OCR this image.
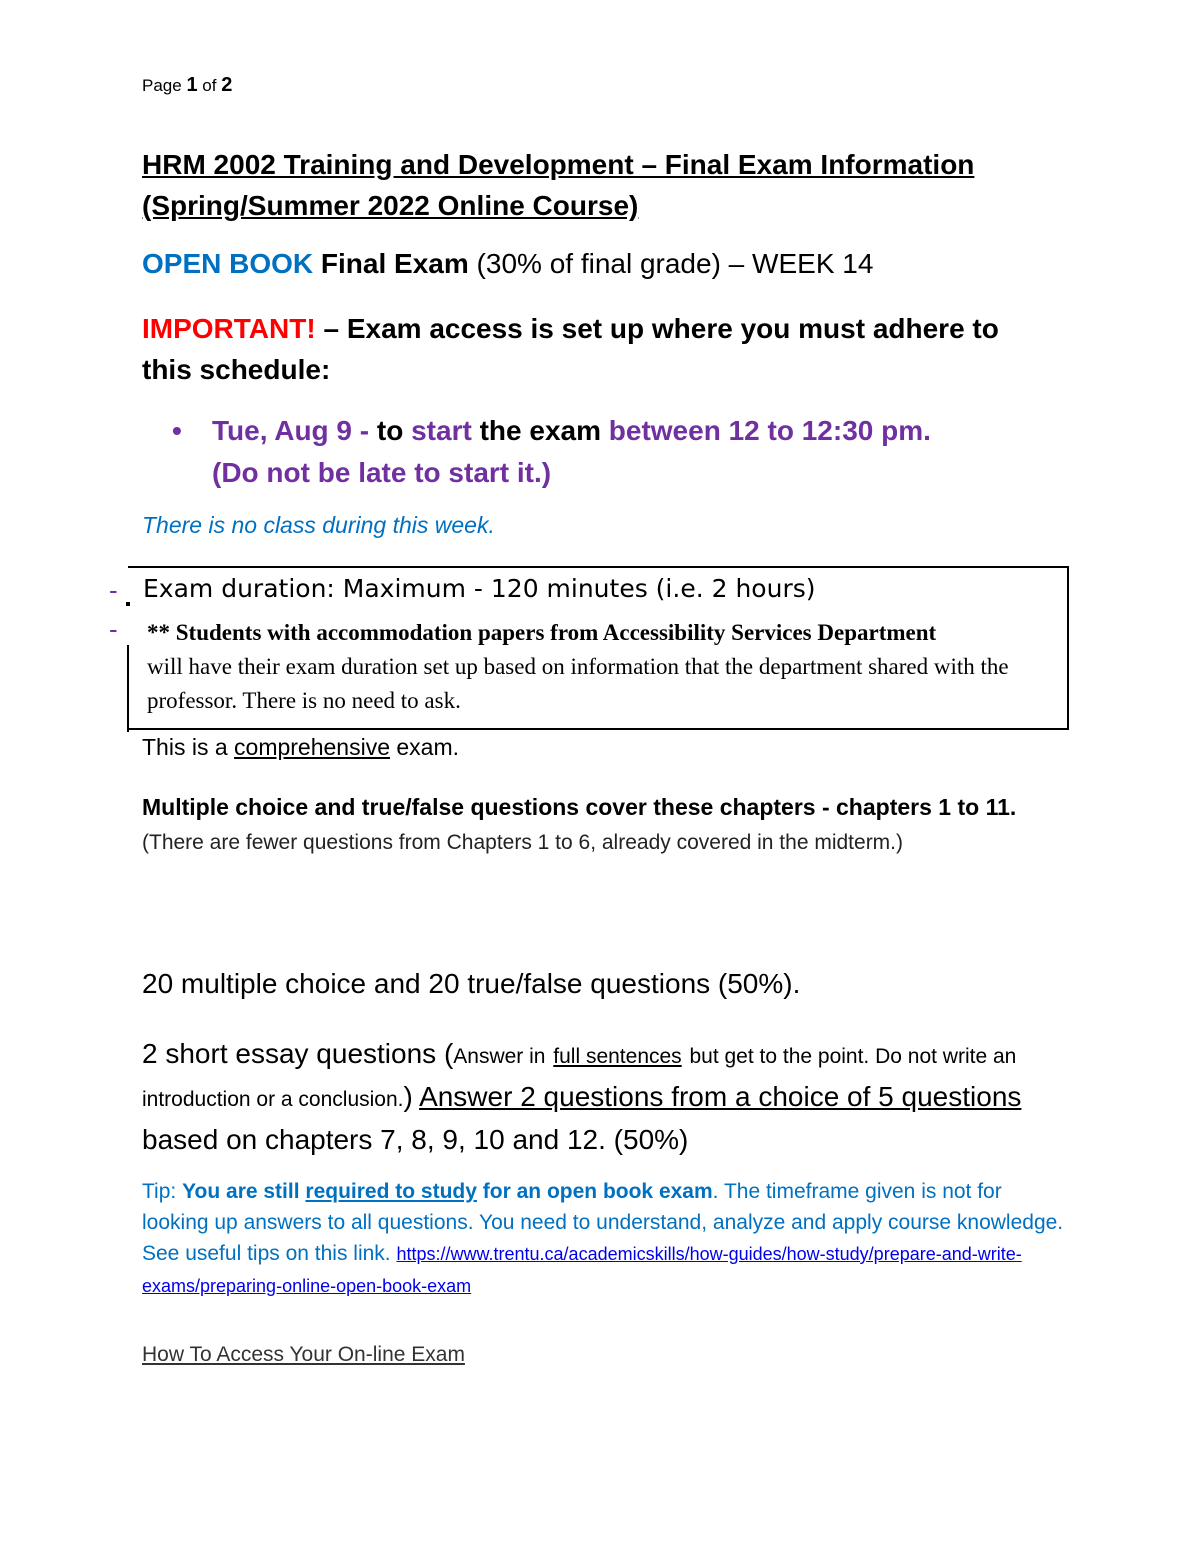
Page 1 of 2
HRM 2002 Training and Development – Final Exam Information (Spring/Summer 2022 Online Course)
OPEN BOOK Final Exam (30% of final grade) – WEEK 14
IMPORTANT! – Exam access is set up where you must adhere to this schedule:
• Tue, Aug 9 - to start the exam between 12 to 12:30 pm.
(Do not be late to start it.)
There is no class during this week.
-
-
Exam duration: Maximum - 120 minutes (i.e. 2 hours)
** Students with accommodation papers from Accessibility Services Department
will have their exam duration set up based on information that the department shared with the professor. There is no need to ask.
This is a comprehensive exam.
Multiple choice and true/false questions cover these chapters - chapters 1 to 11. (There are fewer questions from Chapters 1 to 6, already covered in the midterm.)
20 multiple choice and 20 true/false questions (50%).
2 short essay questions (Answer in full sentences but get to the point. Do not write an introduction or a conclusion.) Answer 2 questions from a choice of 5 questions based on chapters 7, 8, 9, 10 and 12. (50%)
Tip: You are still required to study for an open book exam. The timeframe given is not for looking up answers to all questions. You need to understand, analyze and apply course knowledge. See useful tips on this link. https://www.trentu.ca/academicskills/how-guides/how-study/prepare-and-write-exams/preparing-online-open-book-exam
How To Access Your On-line Exam
